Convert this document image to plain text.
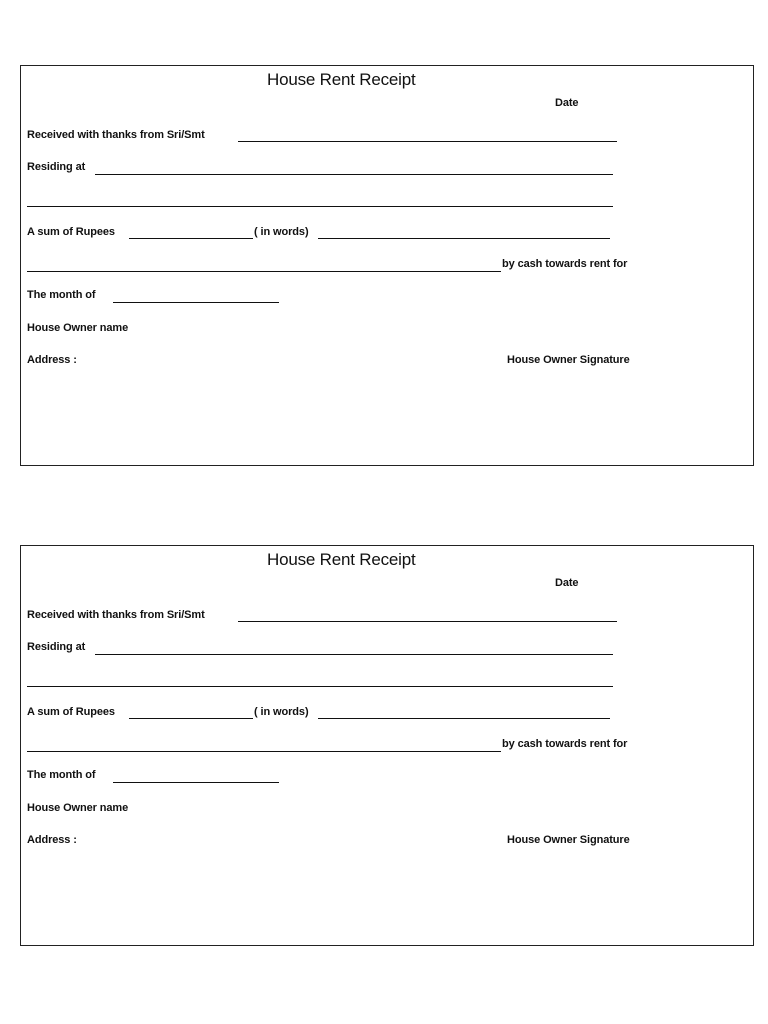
House Rent Receipt
Date
Received with thanks from Sri/Smt
Residing at
A sum of Rupees	( in words)
by cash towards rent for
The month of
House Owner name
Address :	House Owner Signature
House Rent Receipt
Date
Received with thanks from Sri/Smt
Residing at
A sum of Rupees	( in words)
by cash towards rent for
The month of
House Owner name
Address :	House Owner Signature
